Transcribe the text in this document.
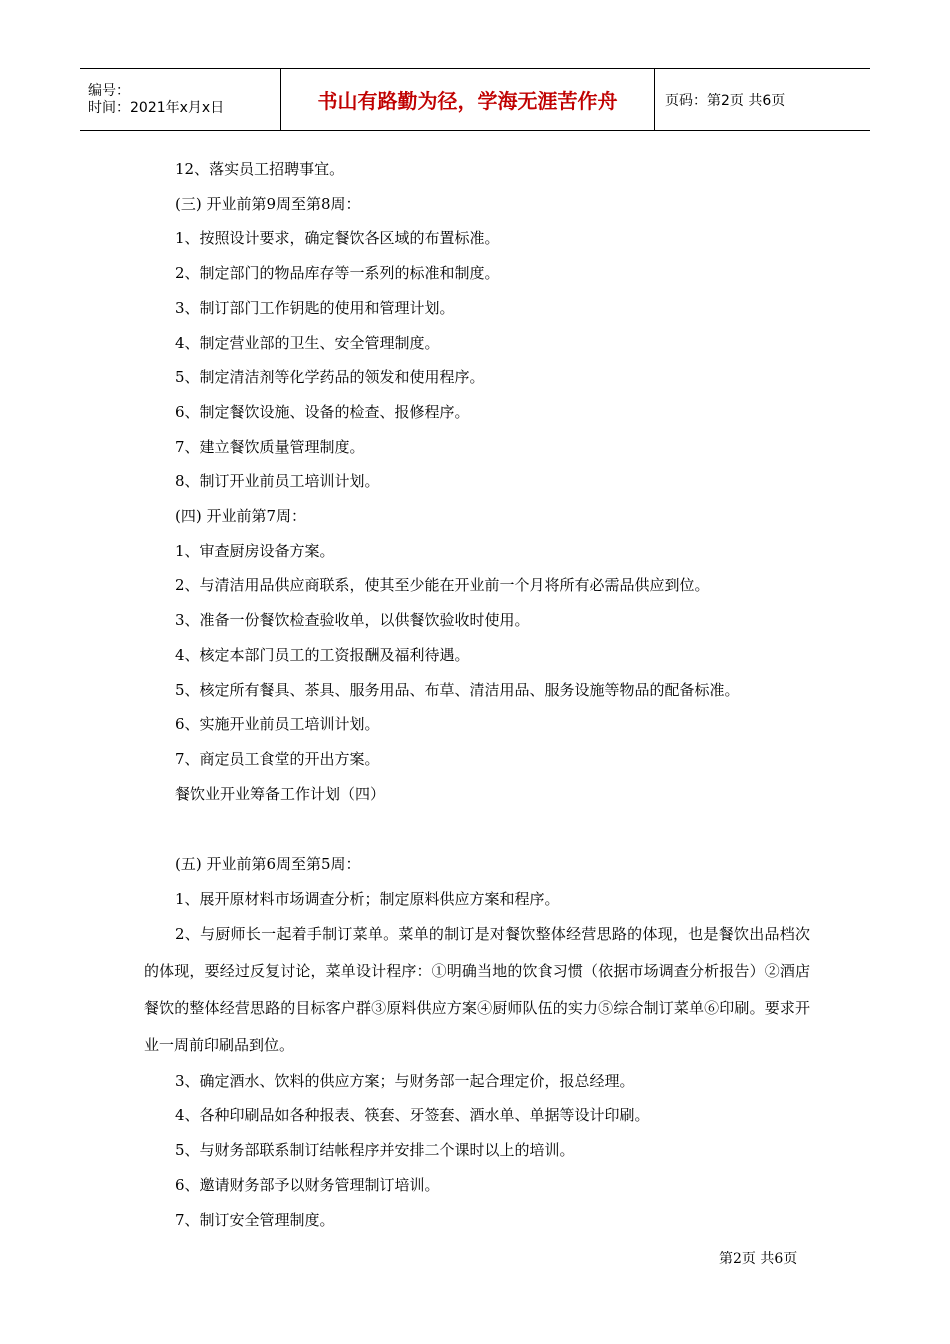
编号：
时间：2021年x月x日	书山有路勤为径，学海无涯苦作舟	页码：第2页 共6页
12、落实员工招聘事宜。
(三) 开业前第9周至第8周：
1、按照设计要求，确定餐饮各区域的布置标准。
2、制定部门的物品库存等一系列的标准和制度。
3、制订部门工作钥匙的使用和管理计划。
4、制定营业部的卫生、安全管理制度。
5、制定清洁剂等化学药品的领发和使用程序。
6、制定餐饮设施、设备的检查、报修程序。
7、建立餐饮质量管理制度。
8、制订开业前员工培训计划。
(四) 开业前第7周：
1、审查厨房设备方案。
2、与清洁用品供应商联系，使其至少能在开业前一个月将所有必需品供应到位。
3、准备一份餐饮检查验收单，以供餐饮验收时使用。
4、核定本部门员工的工资报酬及福利待遇。
5、核定所有餐具、茶具、服务用品、布草、清洁用品、服务设施等物品的配备标准。
6、实施开业前员工培训计划。
7、商定员工食堂的开出方案。
餐饮业开业筹备工作计划（四）
(五) 开业前第6周至第5周：
1、展开原材料市场调查分析；制定原料供应方案和程序。
2、与厨师长一起着手制订菜单。菜单的制订是对餐饮整体经营思路的体现，也是餐饮出品档次的体现，要经过反复讨论，菜单设计程序：①明确当地的饮食习惯（依据市场调查分析报告）②酒店餐饮的整体经营思路的目标客户群③原料供应方案④厨师队伍的实力⑤综合制订菜单⑥印刷。要求开业一周前印刷品到位。
3、确定酒水、饮料的供应方案；与财务部一起合理定价，报总经理。
4、各种印刷品如各种报表、筷套、牙签套、酒水单、单据等设计印刷。
5、与财务部联系制订结帐程序并安排二个课时以上的培训。
6、邀请财务部予以财务管理制订培训。
7、制订安全管理制度。
第2页 共6页
